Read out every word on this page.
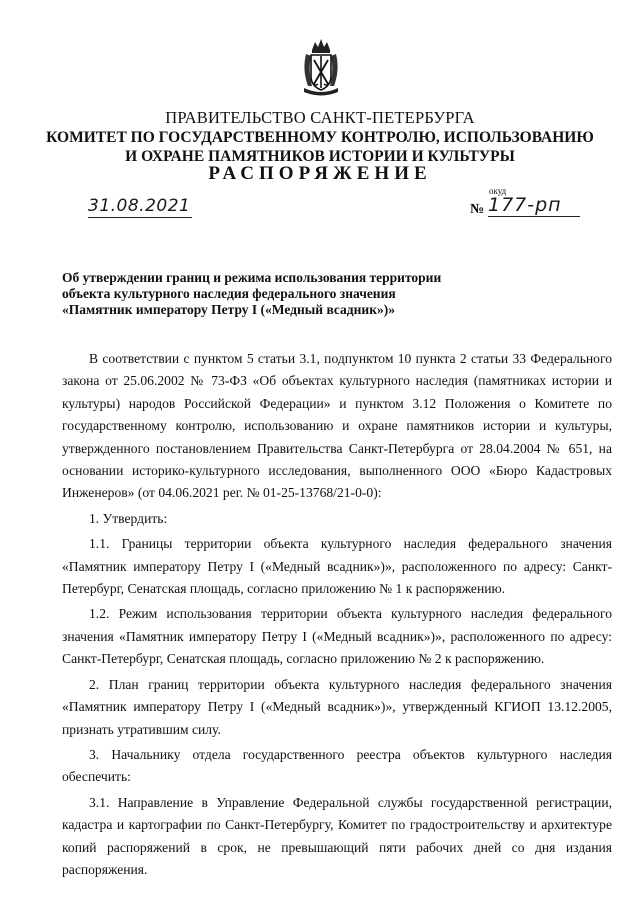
ПРАВИТЕЛЬСТВО САНКТ-ПЕТЕРБУРГА
КОМИТЕТ ПО ГОСУДАРСТВЕННОМУ КОНТРОЛЮ, ИСПОЛЬЗОВАНИЮ
И ОХРАНЕ ПАМЯТНИКОВ ИСТОРИИ И КУЛЬТУРЫ
РАСПОРЯЖЕНИЕ
31.08.2021
окуд
№ 177-рп
Об утверждении границ и режима использования территории
объекта культурного наследия федерального значения
«Памятник императору Петру I («Медный всадник»)»

В соответствии с пунктом 5 статьи 3.1, подпунктом 10 пункта 2 статьи 33 Федерального закона от 25.06.2002 № 73-ФЗ «Об объектах культурного наследия (памятниках истории и культуры) народов Российской Федерации» и пунктом 3.12 Положения о Комитете по государственному контролю, использованию и охране памятников истории и культуры, утвержденного постановлением Правительства Санкт-Петербурга от 28.04.2004 № 651, на основании историко-культурного исследования, выполненного ООО «Бюро Кадастровых Инженеров» (от 04.06.2021 рег. № 01-25-13768/21-0-0):

1. Утвердить:

1.1. Границы территории объекта культурного наследия федерального значения «Памятник императору Петру I («Медный всадник»)», расположенного по адресу: Санкт-Петербург, Сенатская площадь, согласно приложению № 1 к распоряжению.

1.2. Режим использования территории объекта культурного наследия федерального значения «Памятник императору Петру I («Медный всадник»)», расположенного по адресу: Санкт-Петербург, Сенатская площадь, согласно приложению № 2 к распоряжению.

2. План границ территории объекта культурного наследия федерального значения «Памятник императору Петру I («Медный всадник»)», утвержденный КГИОП 13.12.2005, признать утратившим силу.

3. Начальнику отдела государственного реестра объектов культурного наследия обеспечить:

3.1. Направление в Управление Федеральной службы государственной регистрации, кадастра и картографии по Санкт-Петербургу, Комитет по градостроительству и архитектуре копий распоряжений в срок, не превышающий пяти рабочих дней со дня издания распоряжения.
